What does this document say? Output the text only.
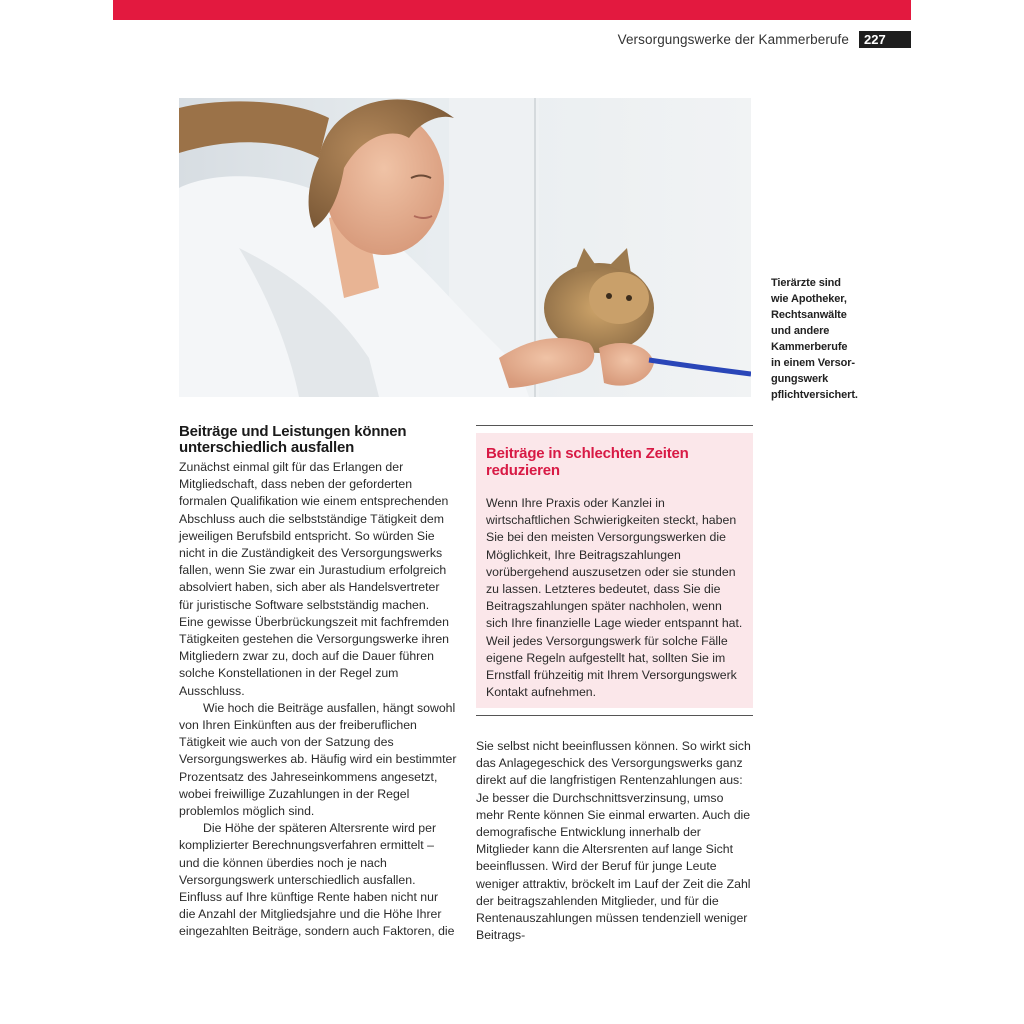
Versorgungswerke der Kammerberufe	227
Tierärzte sind
wie Apotheker,
Rechtsanwälte
und andere
Kammerberufe
in einem Versor-
gungswerk
pflichtversichert.
Beiträge und Leistungen können unterschiedlich ausfallen

Zunächst einmal gilt für das Erlangen der Mitgliedschaft, dass neben der geforderten formalen Qualifikation wie einem entsprechenden Abschluss auch die selbstständige Tätigkeit dem jeweiligen Berufsbild entspricht. So würden Sie nicht in die Zuständigkeit des Versorgungswerks fallen, wenn Sie zwar ein Jurastudium erfolgreich absolviert haben, sich aber als Handelsvertreter für juristische Software selbstständig machen. Eine gewisse Überbrückungszeit mit fachfremden Tätigkeiten gestehen die Versorgungswerke ihren Mitgliedern zwar zu, doch auf die Dauer führen solche Konstellationen in der Regel zum Ausschluss.

Wie hoch die Beiträge ausfallen, hängt sowohl von Ihren Einkünften aus der freiberuflichen Tätigkeit wie auch von der Satzung des Versorgungswerkes ab. Häufig wird ein bestimmter Prozentsatz des Jahreseinkommens angesetzt, wobei freiwillige Zuzahlungen in der Regel problemlos möglich sind.

Die Höhe der späteren Altersrente wird per komplizierter Berechnungsverfahren ermittelt – und die können überdies noch je nach Versorgungswerk unterschiedlich ausfallen. Einfluss auf Ihre künftige Rente haben nicht nur die Anzahl der Mitgliedsjahre und die Höhe Ihrer eingezahlten Beiträge, sondern auch Faktoren, die

Beiträge in schlechten Zeiten reduzieren

Wenn Ihre Praxis oder Kanzlei in wirtschaftlichen Schwierigkeiten steckt, haben Sie bei den meisten Versorgungswerken die Möglichkeit, Ihre Beitragszahlungen vorübergehend auszusetzen oder sie stunden zu lassen. Letzteres bedeutet, dass Sie die Beitragszahlungen später nachholen, wenn sich Ihre finanzielle Lage wieder entspannt hat. Weil jedes Versorgungswerk für solche Fälle eigene Regeln aufgestellt hat, sollten Sie im Ernstfall frühzeitig mit Ihrem Versorgungswerk Kontakt aufnehmen.

Sie selbst nicht beeinflussen können. So wirkt sich das Anlagegeschick des Versorgungswerks ganz direkt auf die langfristigen Rentenzahlungen aus: Je besser die Durchschnittsverzinsung, umso mehr Rente können Sie einmal erwarten. Auch die demografische Entwicklung innerhalb der Mitglieder kann die Altersrenten auf lange Sicht beeinflussen. Wird der Beruf für junge Leute weniger attraktiv, bröckelt im Lauf der Zeit die Zahl der beitragszahlenden Mitglieder, und für die Rentenauszahlungen müssen tendenziell weniger Beitrags-
